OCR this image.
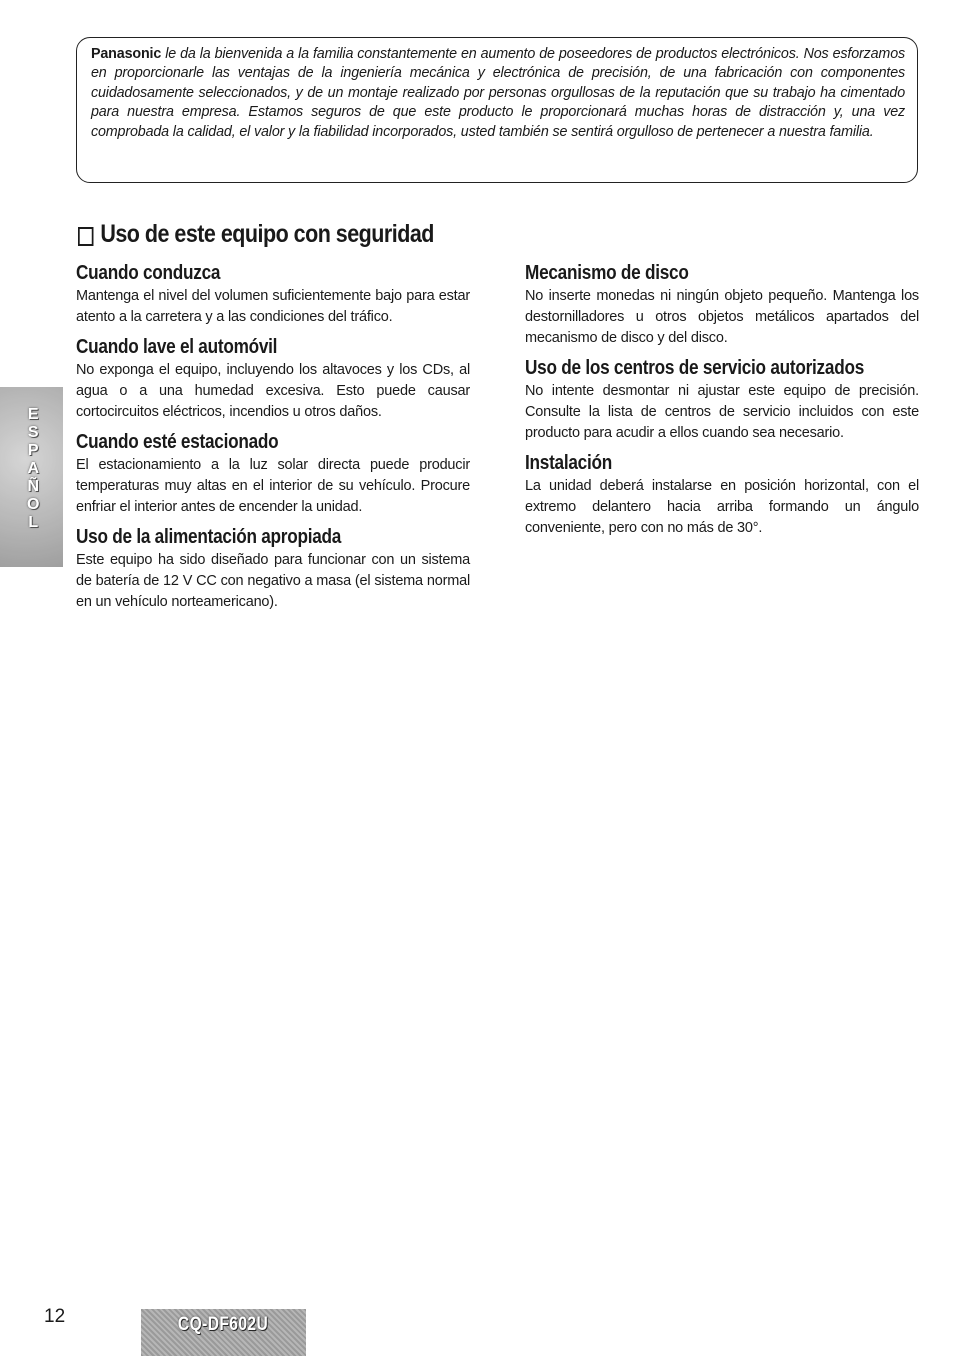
Panasonic le da la bienvenida a la familia constantemente en aumento de poseedores de productos electrónicos. Nos esforzamos en proporcionarle las ventajas de la ingeniería mecánica y electrónica de precisión, de una fabricación con componentes cuidadosamente seleccionados, y de un montaje realizado por personas orgullosas de la reputación que su trabajo ha cimentado para nuestra empresa. Estamos seguros de que este producto le proporcionará muchas horas de distracción y, una vez comprobada la calidad, el valor y la fiabilidad incorporados, usted también se sentirá orgulloso de pertenecer a nuestra familia.

Uso de este equipo con seguridad
E
S
P
A
Ñ
O
L
Cuando conduzca

Mantenga el nivel del volumen suficientemente bajo para estar atento a la carretera y a las condiciones del tráfico.

Cuando lave el automóvil

No exponga el equipo, incluyendo los altavoces y los CDs, al agua o a una humedad excesiva. Esto puede causar cortocircuitos eléctricos, incendios u otros daños.

Cuando esté estacionado

El estacionamiento a la luz solar directa puede producir temperaturas muy altas en el interior de su vehículo. Procure enfriar el interior antes de encender la unidad.

Uso de la alimentación apropiada

Este equipo ha sido diseñado para funcionar con un sistema de batería de 12 V CC con negativo a masa (el sistema normal en un vehículo norteamericano).

Mecanismo de disco

No inserte monedas ni ningún objeto pequeño. Mantenga los destornilladores u otros objetos metálicos apartados del mecanismo de disco y del disco.

Uso de los centros de servicio autorizados

No intente desmontar ni ajustar este equipo de precisión. Consulte la lista de centros de servicio incluidos con este producto para acudir a ellos cuando sea necesario.

Instalación

La unidad deberá instalarse en posición horizontal, con el extremo delantero hacia arriba formando un ángulo conveniente, pero con no más de 30°.

12	CQ-DF602U
